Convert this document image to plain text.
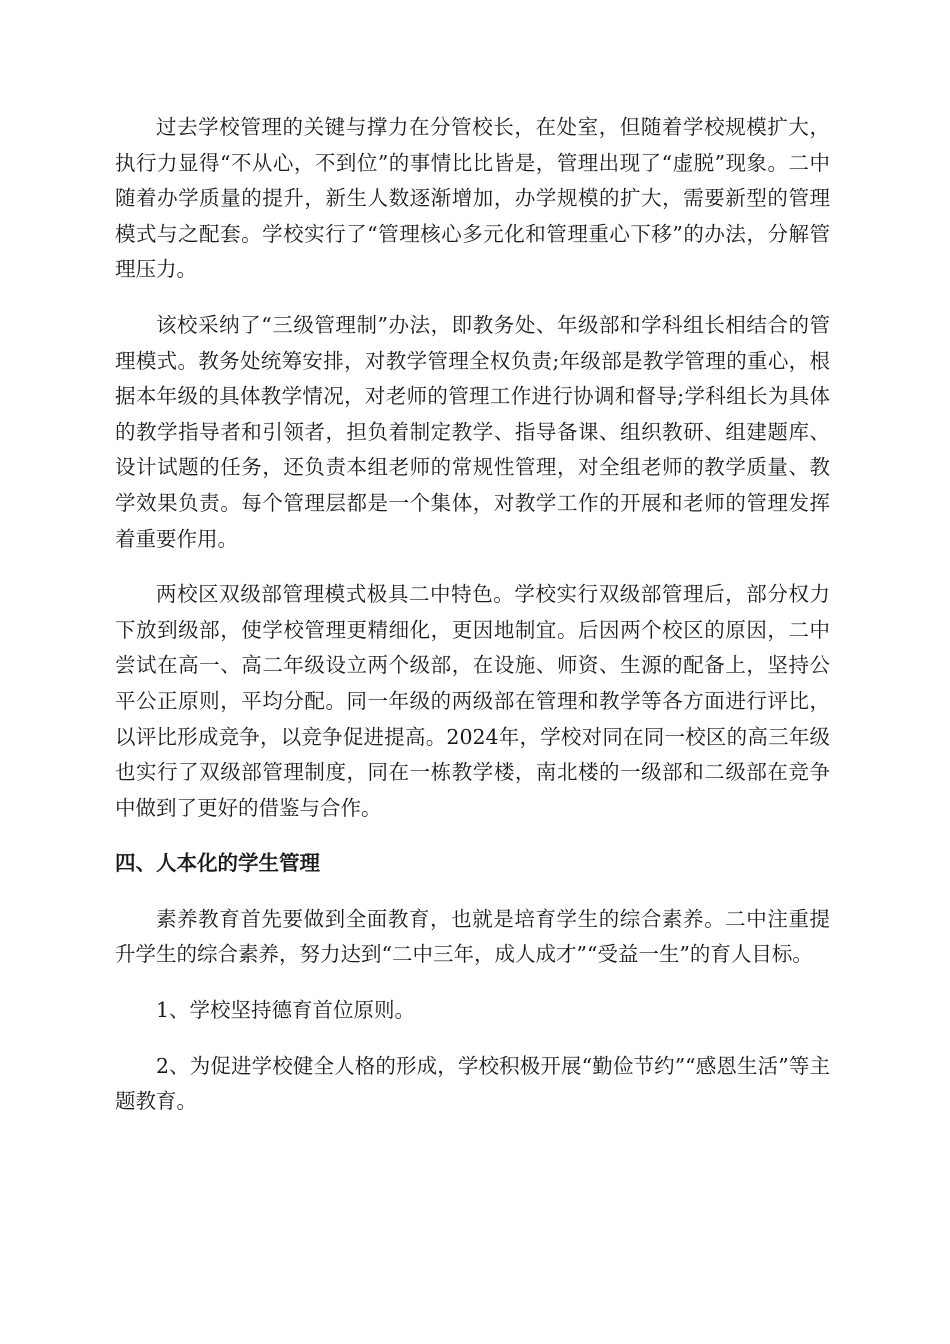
过去学校管理的关键与撑力在分管校长，在处室，但随着学校规模扩大，执行力显得“不从心，不到位”的事情比比皆是，管理出现了“虚脱”现象。二中随着办学质量的提升，新生人数逐渐增加，办学规模的扩大，需要新型的管理模式与之配套。学校实行了“管理核心多元化和管理重心下移”的办法，分解管理压力。

该校采纳了“三级管理制”办法，即教务处、年级部和学科组长相结合的管理模式。教务处统筹安排，对教学管理全权负责;年级部是教学管理的重心，根据本年级的具体教学情况，对老师的管理工作进行协调和督导;学科组长为具体的教学指导者和引领者，担负着制定教学、指导备课、组织教研、组建题库、设计试题的任务，还负责本组老师的常规性管理，对全组老师的教学质量、教学效果负责。每个管理层都是一个集体，对教学工作的开展和老师的管理发挥着重要作用。

两校区双级部管理模式极具二中特色。学校实行双级部管理后，部分权力下放到级部，使学校管理更精细化，更因地制宜。后因两个校区的原因，二中尝试在高一、高二年级设立两个级部，在设施、师资、生源的配备上，坚持公平公正原则，平均分配。同一年级的两级部在管理和教学等各方面进行评比，以评比形成竞争，以竞争促进提高。2024年，学校对同在同一校区的高三年级也实行了双级部管理制度，同在一栋教学楼，南北楼的一级部和二级部在竞争中做到了更好的借鉴与合作。

四、人本化的学生管理

素养教育首先要做到全面教育，也就是培育学生的综合素养。二中注重提升学生的综合素养，努力达到“二中三年，成人成才”“受益一生”的育人目标。

1、学校坚持德育首位原则。

2、为促进学校健全人格的形成，学校积极开展“勤俭节约”“感恩生活”等主题教育。
